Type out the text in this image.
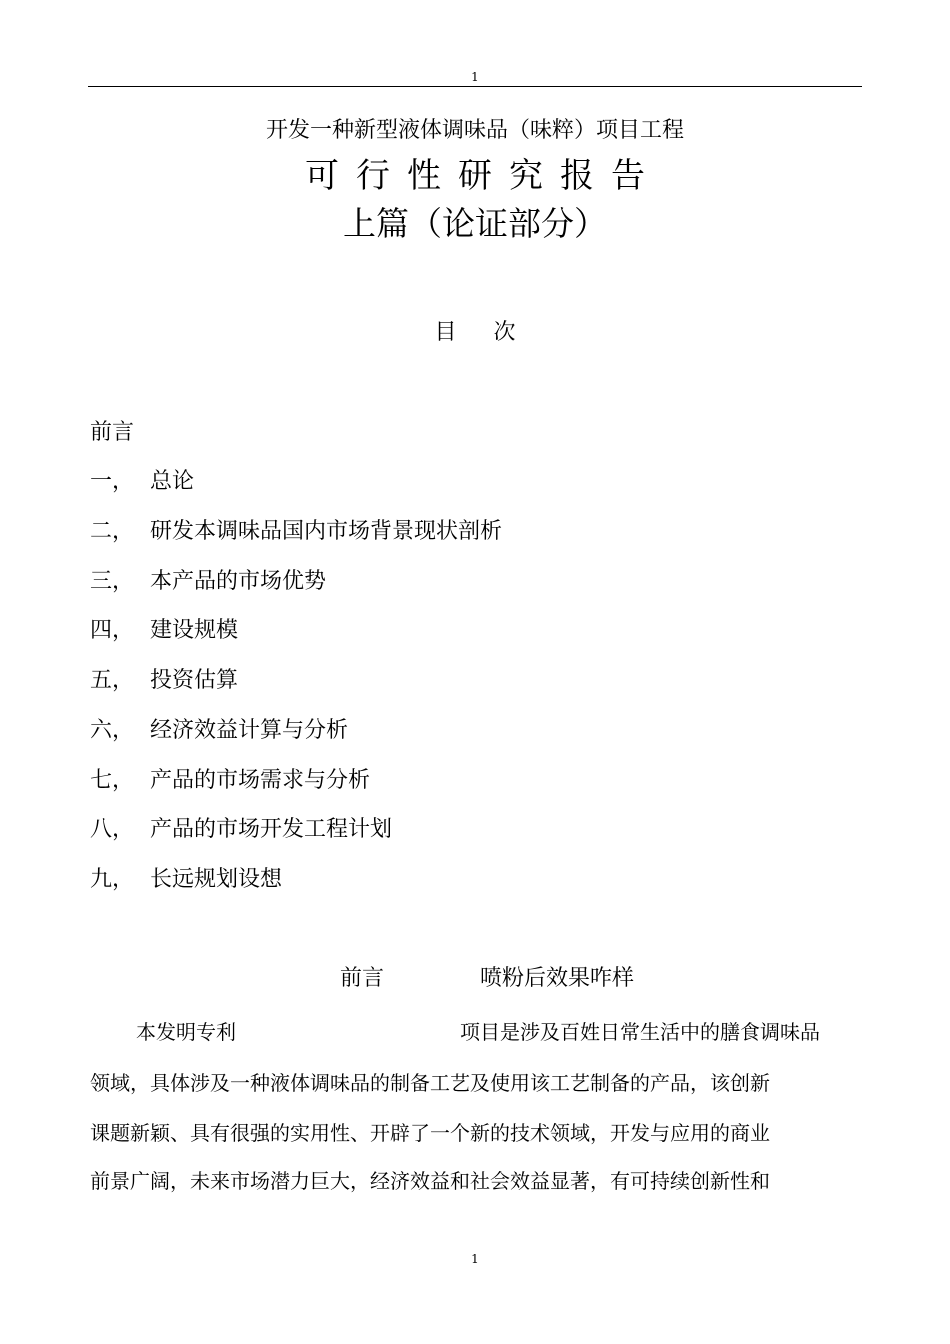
1
开发一种新型液体调味品（味粹）项目工程
可行性研究报告
上篇（论证部分）
目 次
前言
一， 总论
二， 研发本调味品国内市场背景现状剖析
三， 本产品的市场优势
四， 建设规模
五， 投资估算
六， 经济效益计算与分析
七， 产品的市场需求与分析
八， 产品的市场开发工程计划
九， 长远规划设想
前言	喷粉后效果咋样
本发明专利	项目是涉及百姓日常生活中的膳食调味品
领域，具体涉及一种液体调味品的制备工艺及使用该工艺制备的产品，该创新
课题新颖、具有很强的实用性、开辟了一个新的技术领域，开发与应用的商业
前景广阔，未来市场潜力巨大，经济效益和社会效益显著，有可持续创新性和
1
